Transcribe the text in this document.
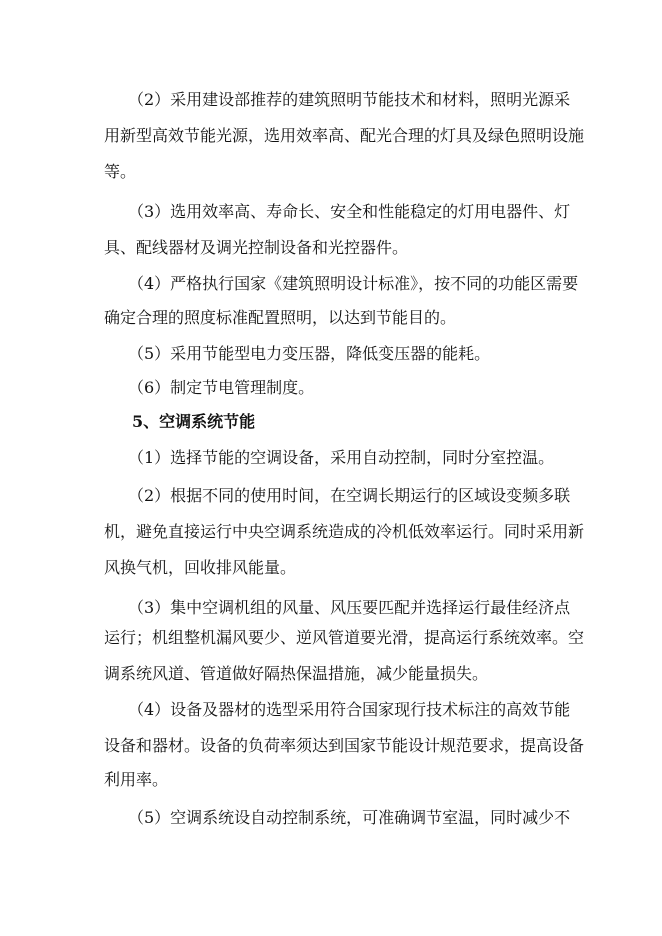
（2）采用建设部推荐的建筑照明节能技术和材料，照明光源采
用新型高效节能光源，选用效率高、配光合理的灯具及绿色照明设施
等。
（3）选用效率高、寿命长、安全和性能稳定的灯用电器件、灯
具、配线器材及调光控制设备和光控器件。
（4）严格执行国家《建筑照明设计标准》，按不同的功能区需要
确定合理的照度标准配置照明，以达到节能目的。
（5）采用节能型电力变压器，降低变压器的能耗。
（6）制定节电管理制度。
5、空调系统节能
（1）选择节能的空调设备，采用自动控制，同时分室控温。
（2）根据不同的使用时间，在空调长期运行的区域设变频多联
机，避免直接运行中央空调系统造成的冷机低效率运行。同时采用新
风换气机，回收排风能量。
（3）集中空调机组的风量、风压要匹配并选择运行最佳经济点
运行；机组整机漏风要少、逆风管道要光滑，提高运行系统效率。空
调系统风道、管道做好隔热保温措施，减少能量损失。
（4）设备及器材的选型采用符合国家现行技术标注的高效节能
设备和器材。设备的负荷率须达到国家节能设计规范要求，提高设备
利用率。
（5）空调系统设自动控制系统，可准确调节室温，同时减少不
